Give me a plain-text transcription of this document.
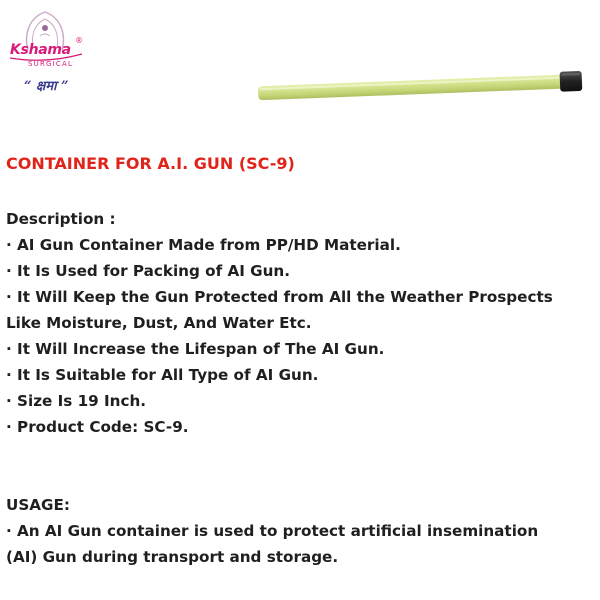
Kshama
®
SURGICAL
“ क्षमा ”
CONTAINER FOR A.I. GUN (SC-9)
Description :
· AI Gun Container Made from PP/HD Material.
· It Is Used for Packing of AI Gun.
· It Will Keep the Gun Protected from All the Weather Prospects
Like Moisture, Dust, And Water Etc.
· It Will Increase the Lifespan of The AI Gun.
· It Is Suitable for All Type of AI Gun.
· Size Is 19 Inch.
· Product Code: SC-9.
USAGE:
· An AI Gun container is used to protect artificial insemination
(AI) Gun during transport and storage.
